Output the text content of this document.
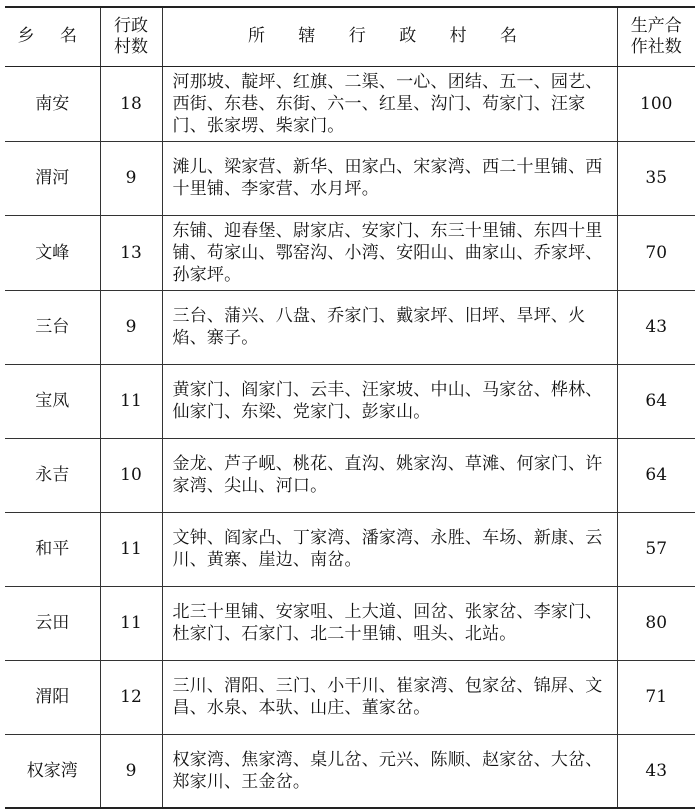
乡 名	行政村数	所 辖 行 政 村 名	生产合作社数

南安	18	河那坡、靛坪、红旗、二渠、一心、团结、五一、园艺、西街、东巷、东街、六一、红星、沟门、苟家门、汪家门、张家塄、柴家门。	100
渭河	9	滩儿、梁家营、新华、田家凸、宋家湾、西二十里铺、西十里铺、李家营、水月坪。	35
文峰	13	东铺、迎春堡、尉家店、安家门、东三十里铺、东四十里铺、苟家山、鄂窑沟、小湾、安阳山、曲家山、乔家坪、孙家坪。	70
三台	9	三台、蒲兴、八盘、乔家门、戴家坪、旧坪、旱坪、火焰、寨子。	43
宝凤	11	黄家门、阎家门、云丰、汪家坡、中山、马家岔、桦林、仙家门、东梁、党家门、彭家山。	64
永吉	10	金龙、芦子岘、桃花、直沟、姚家沟、草滩、何家门、许家湾、尖山、河口。	64
和平	11	文钟、阎家凸、丁家湾、潘家湾、永胜、车场、新康、云川、黄寨、崖边、南岔。	57
云田	11	北三十里铺、安家咀、上大道、回岔、张家岔、李家门、杜家门、石家门、北二十里铺、咀头、北站。	80
渭阳	12	三川、渭阳、三门、小干川、崔家湾、包家岔、锦屏、文昌、水泉、本驮、山庄、董家岔。	71
权家湾	9	权家湾、焦家湾、桌儿岔、元兴、陈顺、赵家岔、大岔、郑家川、王金岔。	43
